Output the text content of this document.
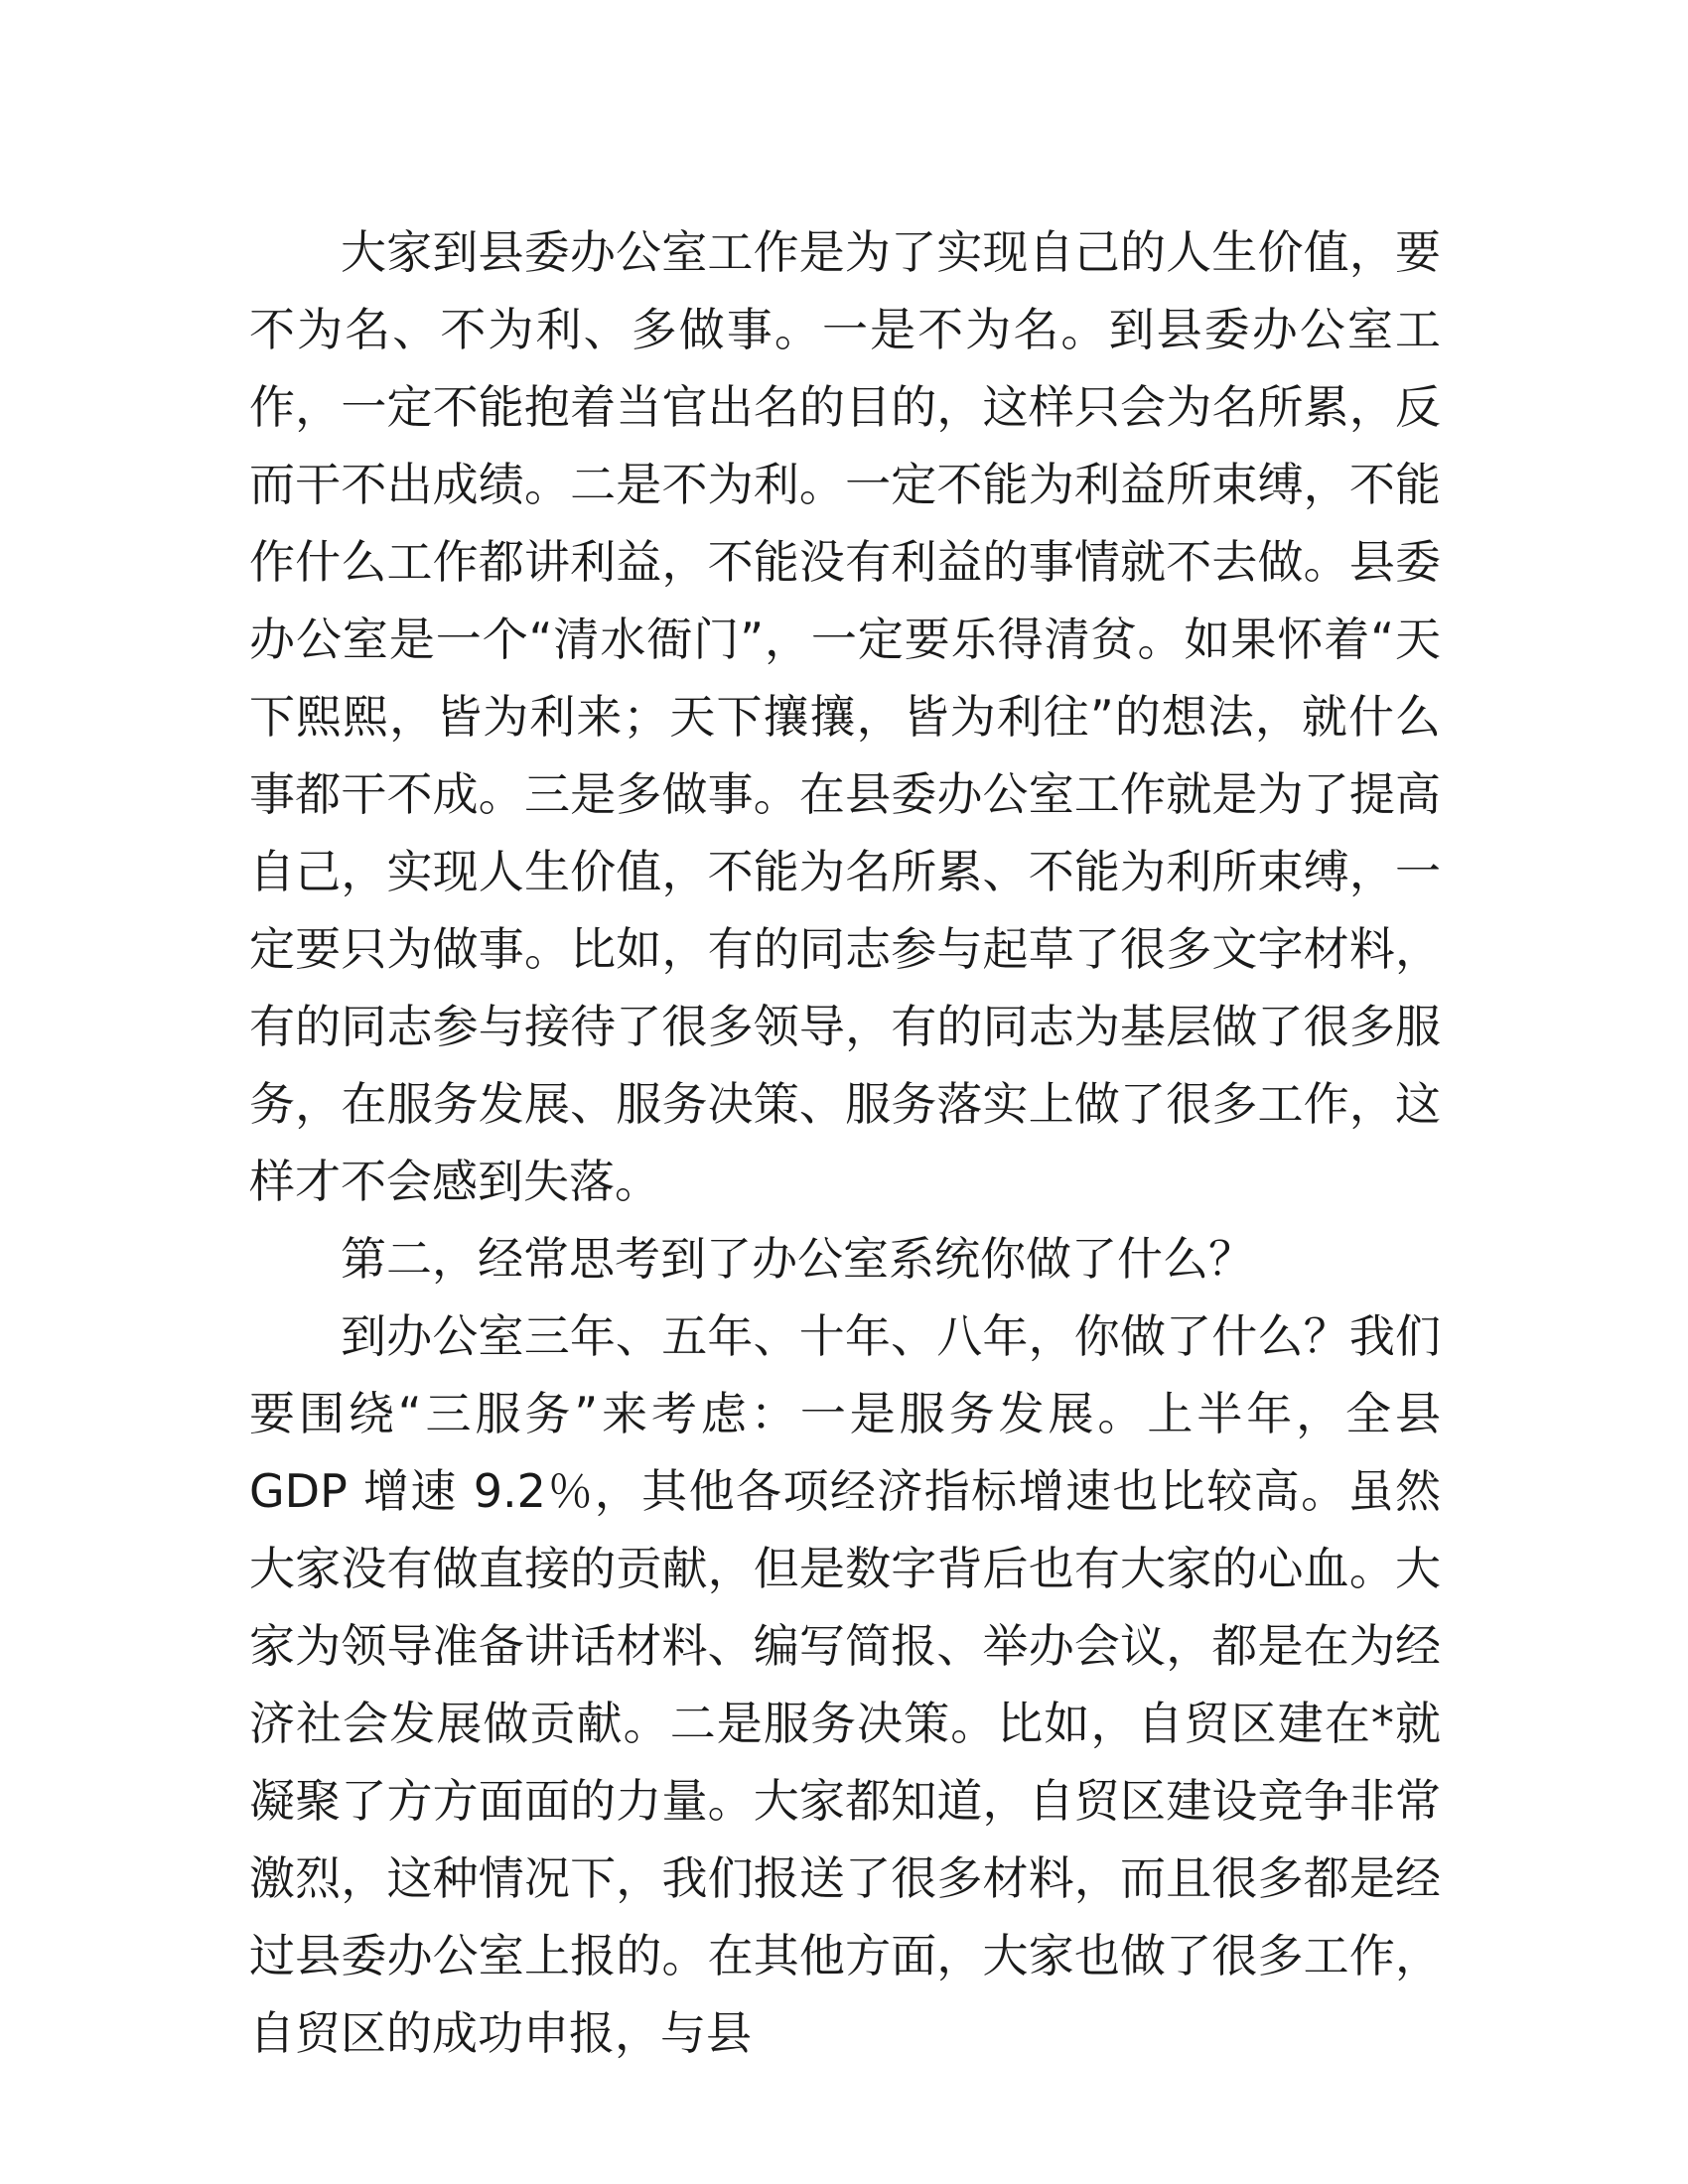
大家到县委办公室工作是为了实现自己的人生价值，要不为名、不为利、多做事。一是不为名。到县委办公室工作，一定不能抱着当官出名的目的，这样只会为名所累，反而干不出成绩。二是不为利。一定不能为利益所束缚，不能作什么工作都讲利益，不能没有利益的事情就不去做。县委办公室是一个“清水衙门”，一定要乐得清贫。如果怀着“天下熙熙，皆为利来；天下攘攘，皆为利往”的想法，就什么事都干不成。三是多做事。在县委办公室工作就是为了提高自己，实现人生价值，不能为名所累、不能为利所束缚，一定要只为做事。比如，有的同志参与起草了很多文字材料，有的同志参与接待了很多领导，有的同志为基层做了很多服务，在服务发展、服务决策、服务落实上做了很多工作，这样才不会感到失落。

第二，经常思考到了办公室系统你做了什么？

到办公室三年、五年、十年、八年，你做了什么？我们要围绕“三服务”来考虑：一是服务发展。上半年，全县 GDP 增速 9.2％，其他各项经济指标增速也比较高。虽然大家没有做直接的贡献，但是数字背后也有大家的心血。大家为领导准备讲话材料、编写简报、举办会议，都是在为经济社会发展做贡献。二是服务决策。比如，自贸区建在*就凝聚了方方面面的力量。大家都知道，自贸区建设竞争非常激烈，这种情况下，我们报送了很多材料，而且很多都是经过县委办公室上报的。在其他方面，大家也做了很多工作，自贸区的成功申报，与县
